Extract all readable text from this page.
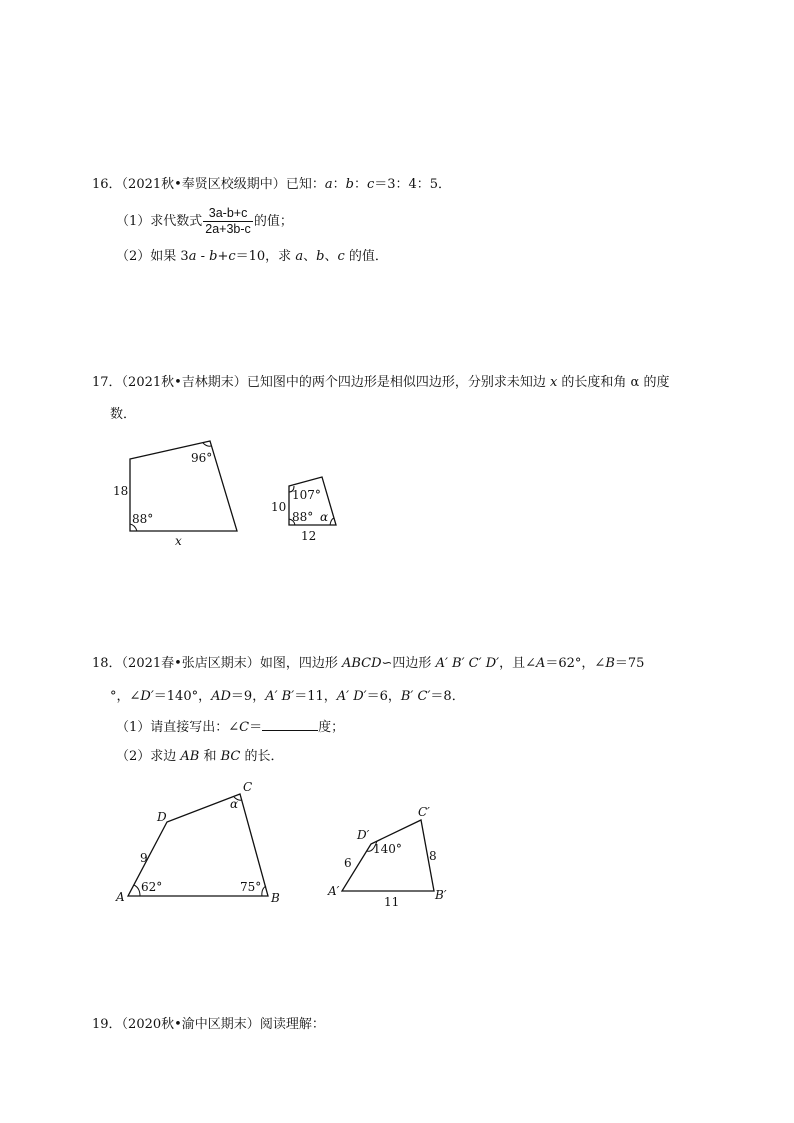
16．（2021秋•奉贤区校级期中）已知：a：b：c＝3：4：5．
（1）求代数式 $\frac{3a-b+c}{2a+3b-c}$ 的值；
（2）如果 3a - b+c＝10，求 a、b、c 的值．
17．（2021秋•吉林期末）已知图中的两个四边形是相似四边形，分别求未知边 x 的长度和角 α 的度
数．
96°
88°
18
x
107°
88° α
10
12
18．（2021春•张店区期末）如图，四边形 ABCD∽四边形 A′ B′ C′ D′，且∠A＝62°，∠B＝75
°，∠D′＝140°，AD＝9，A′ B′＝11，A′ D′＝6，B′ C′＝8．
（1）请直接写出：∠C＝	度；
（2）求边 AB 和 BC 的长．
A	B
C
D
62°	75°
α
9
A′	B′
C′
D′
140°
6	8
11
19．（2020秋•渝中区期末）阅读理解：
